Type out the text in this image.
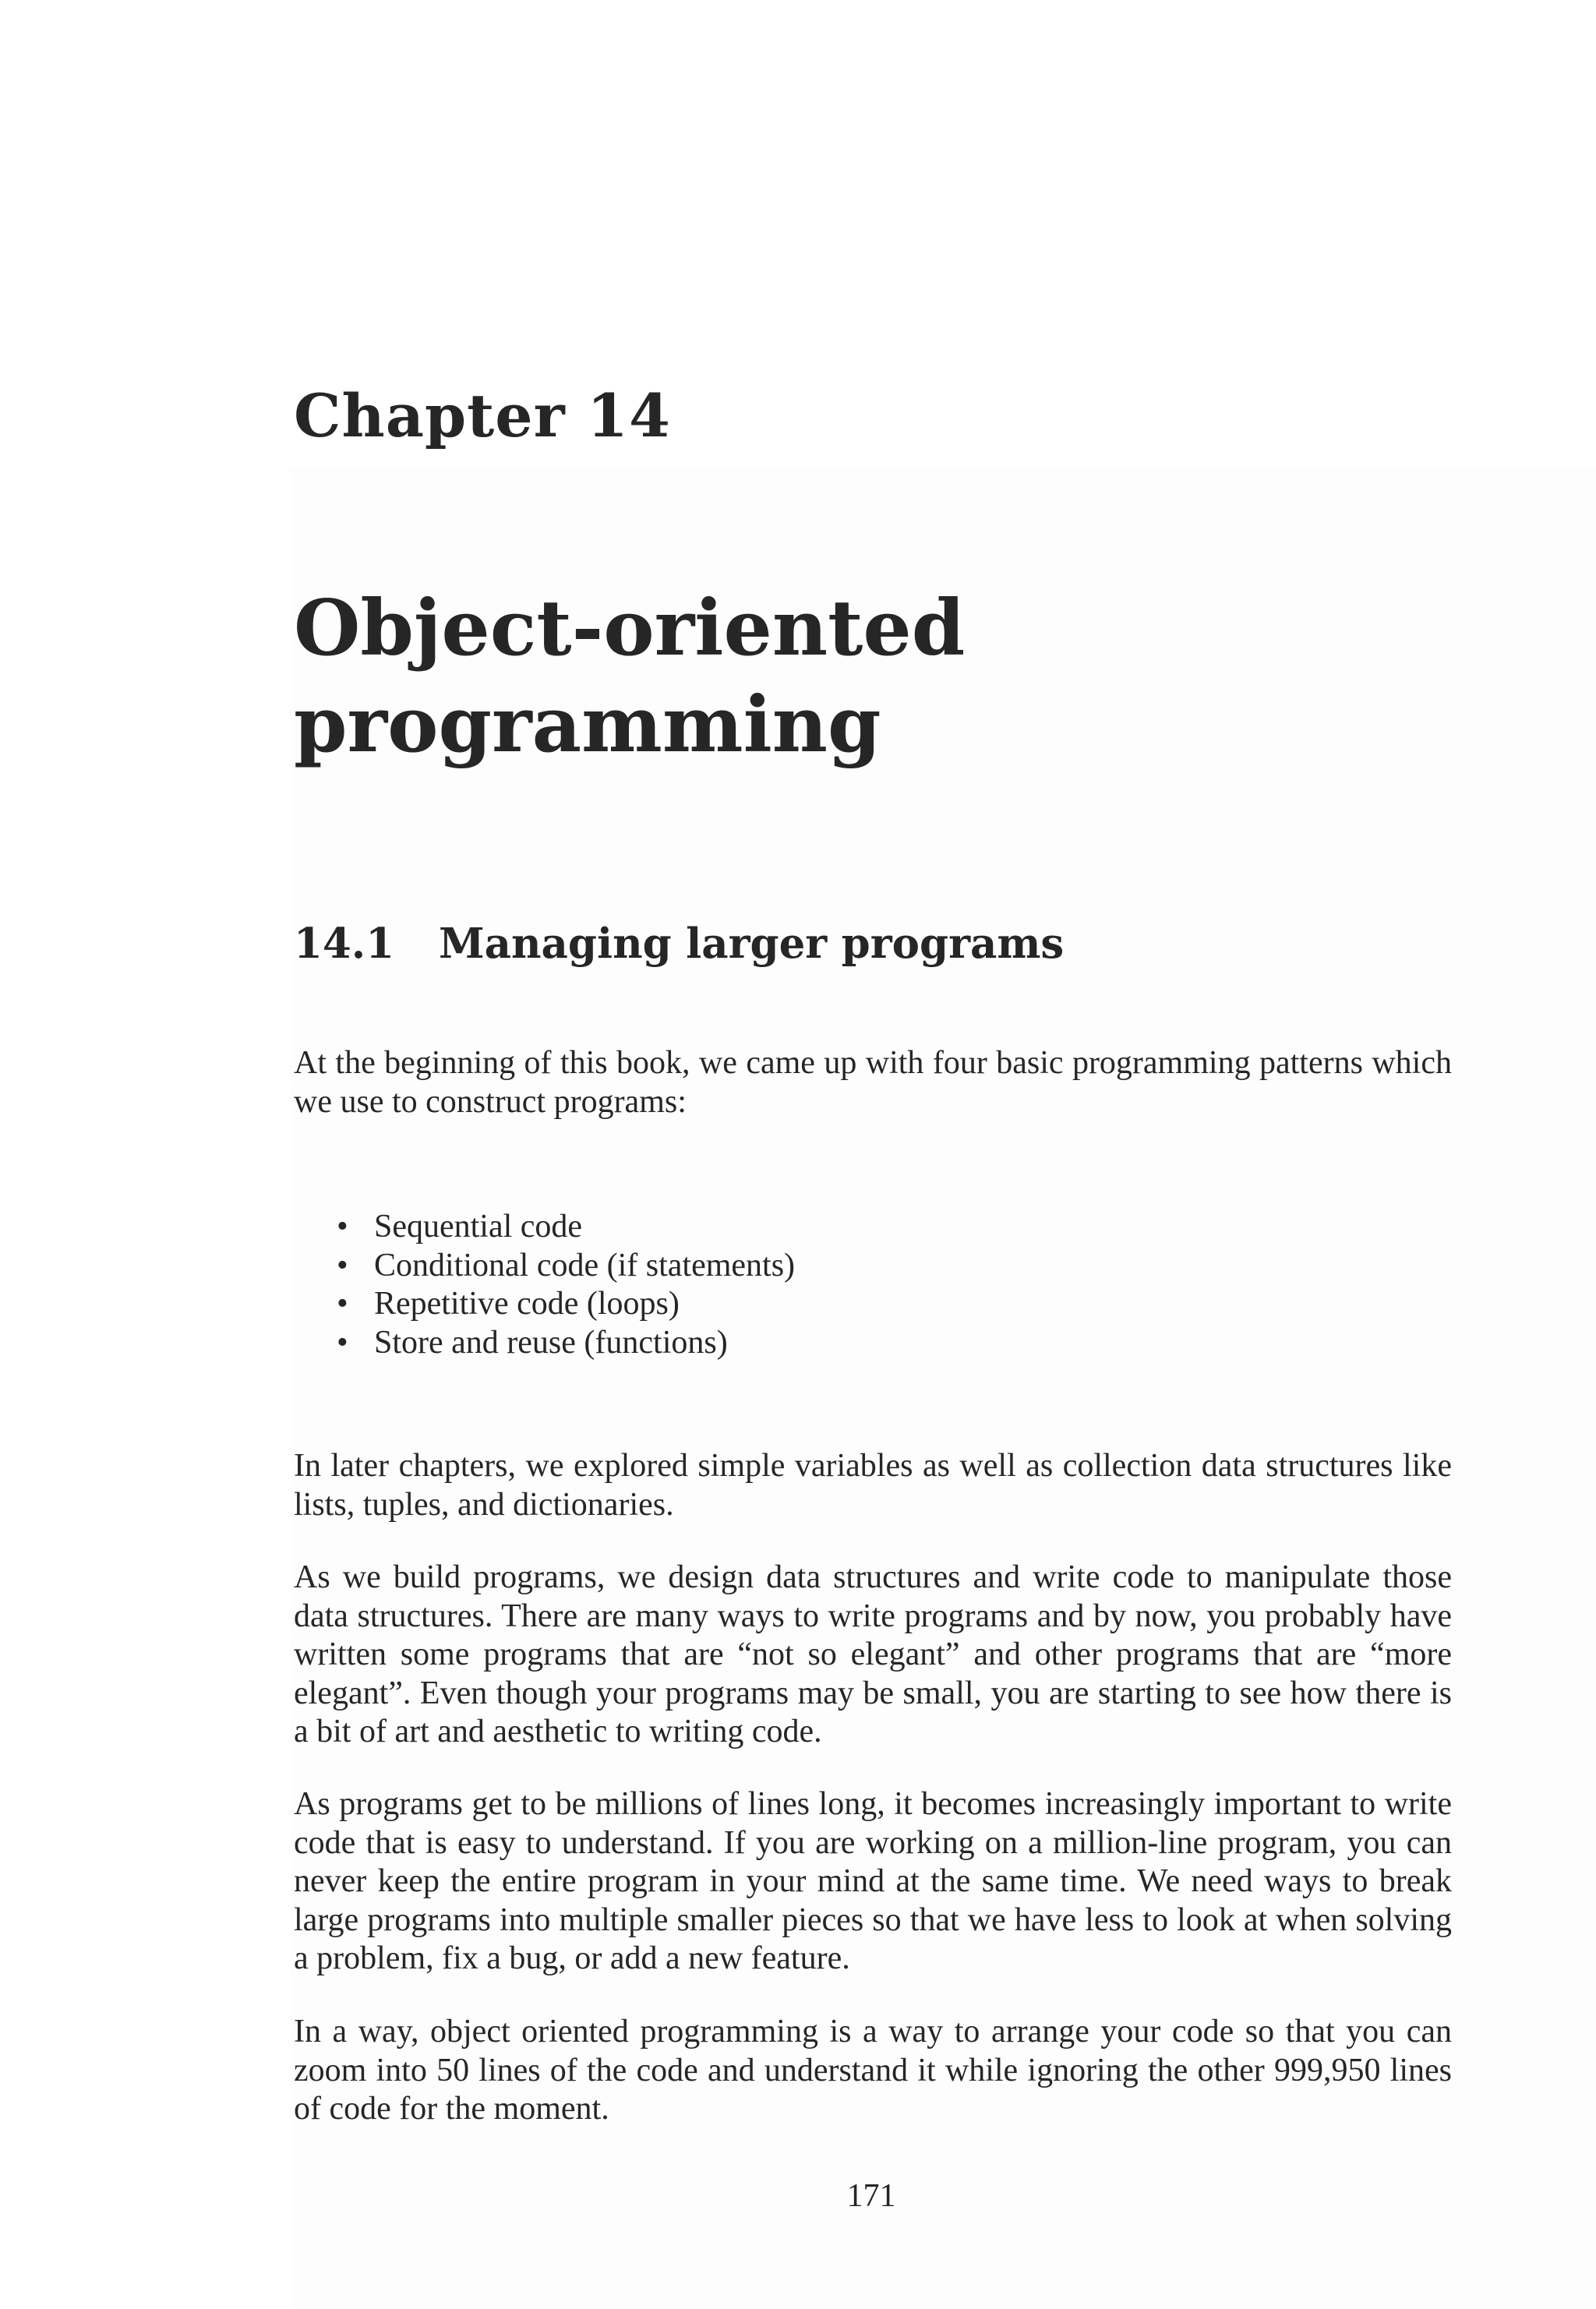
Chapter 14
Object-oriented
programming
14.1 Managing larger programs

At the beginning of this book, we came up with four basic programming patterns which we use to construct programs:

• Sequential code
• Conditional code (if statements)
• Repetitive code (loops)
• Store and reuse (functions)

In later chapters, we explored simple variables as well as collection data structures like lists, tuples, and dictionaries.

As we build programs, we design data structures and write code to manipulate those data structures. There are many ways to write programs and by now, you probably have written some programs that are “not so elegant” and other programs that are “more elegant”. Even though your programs may be small, you are starting to see how there is a bit of art and aesthetic to writing code.

As programs get to be millions of lines long, it becomes increasingly important to write code that is easy to understand. If you are working on a million-line program, you can never keep the entire program in your mind at the same time. We need ways to break large programs into multiple smaller pieces so that we have less to look at when solving a problem, fix a bug, or add a new feature.

In a way, object oriented programming is a way to arrange your code so that you can zoom into 50 lines of the code and understand it while ignoring the other 999,950 lines of code for the moment.

171
